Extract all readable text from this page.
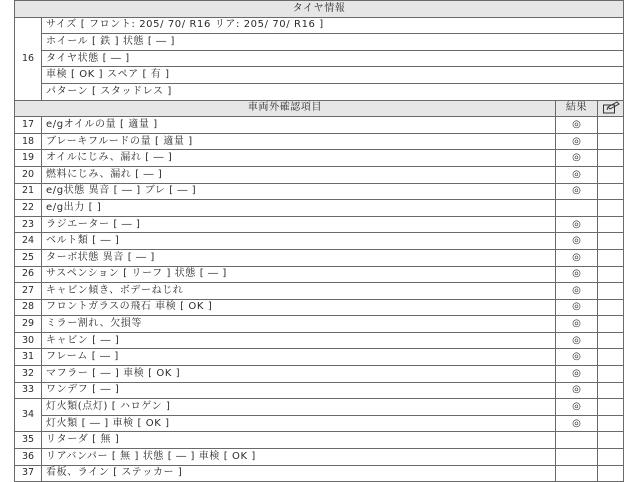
タイヤ情報			
16	サイズ [ フロント: 205/ 70/ R16 リア: 205/ 70/ R16 ]		
	ホイール [ 鉄 ] 状態 [ ― ]		
	タイヤ状態 [ ― ]		
	車検 [ OK ] スペア [ 有 ]		
	パターン [ スタッドレス ]		
車両外確認項目		結果	
17	e/gオイルの量 [ 適量 ]	◎	
18	ブレーキフルードの量 [ 適量 ]	◎	
19	オイルにじみ、漏れ [ ― ]	◎	
20	燃料にじみ、漏れ [ ― ]	◎	
21	e/g状態 異音 [ ― ] ブレ [ ― ]	◎	
22	e/g出力 [ ]		
23	ラジエーター [ ― ]	◎	
24	ベルト類 [ ― ]	◎	
25	ターボ状態 異音 [ ― ]	◎	
26	サスペンション [ リーフ ] 状態 [ ― ]	◎	
27	キャビン傾き、ボデーねじれ	◎	
28	フロントガラスの飛石 車検 [ OK ]	◎	
29	ミラー割れ、欠損等	◎	
30	キャビン [ ― ]	◎	
31	フレーム [ ― ]	◎	
32	マフラー [ ― ] 車検 [ OK ]	◎	
33	ワンデフ [ ― ]	◎	
34	灯火類(点灯) [ ハロゲン ]	◎	
	灯火類 [ ― ] 車検 [ OK ]	◎	
35	リターダ [ 無 ]		
36	リアバンパー [ 無 ] 状態 [ ― ] 車検 [ OK ]		
37	看板、ライン [ ステッカー ]		
